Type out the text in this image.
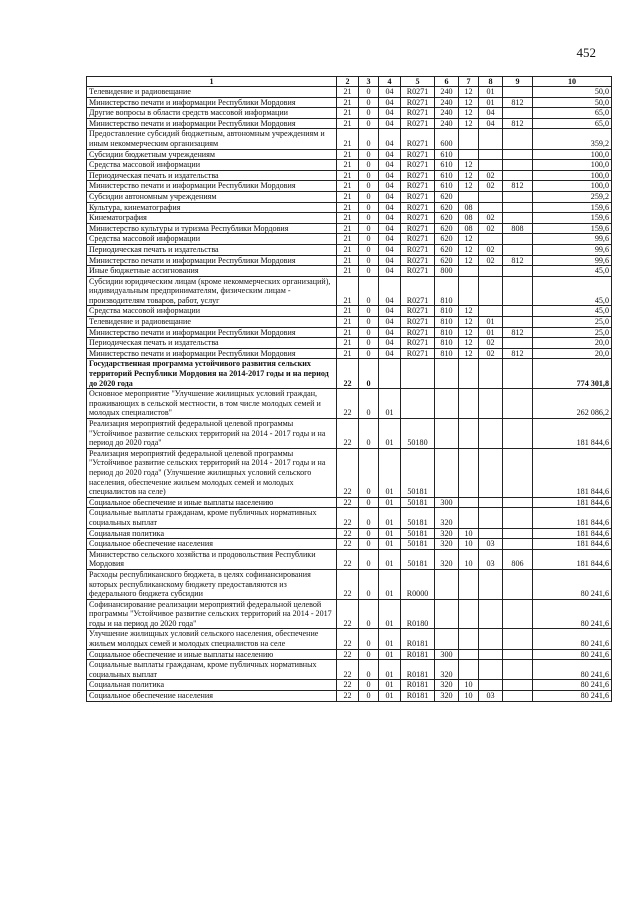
452
1	2	3	4	5	6	7	8	9	10
Телевидение и радиовещание	21	0	04	R0271	240	12	01		50,0
Министерство печати и информации Республики Мордовия	21	0	04	R0271	240	12	01	812	50,0
Другие вопросы в области средств массовой информации	21	0	04	R0271	240	12	04		65,0
Министерство печати и информации Республики Мордовия	21	0	04	R0271	240	12	04	812	65,0
Предоставление субсидий бюджетным, автономным учреждениям и иным некоммерческим организациям	21	0	04	R0271	600				359,2
Субсидии бюджетным учреждениям	21	0	04	R0271	610				100,0
Средства массовой информации	21	0	04	R0271	610	12			100,0
Периодическая печать и издательства	21	0	04	R0271	610	12	02		100,0
Министерство печати и информации Республики Мордовия	21	0	04	R0271	610	12	02	812	100,0
Субсидии автономным учреждениям	21	0	04	R0271	620				259,2
Культура, кинематография	21	0	04	R0271	620	08			159,6
Кинематография	21	0	04	R0271	620	08	02		159,6
Министерство культуры и туризма Республики Мордовия	21	0	04	R0271	620	08	02	808	159,6
Средства массовой информации	21	0	04	R0271	620	12			99,6
Периодическая печать и издательства	21	0	04	R0271	620	12	02		99,6
Министерство печати и информации Республики Мордовия	21	0	04	R0271	620	12	02	812	99,6
Иные бюджетные ассигнования	21	0	04	R0271	800				45,0
Субсидии юридическим лицам (кроме некоммерческих организаций), индивидуальным предпринимателям, физическим лицам - производителям товаров, работ, услуг	21	0	04	R0271	810				45,0
Средства массовой информации	21	0	04	R0271	810	12			45,0
Телевидение и радиовещание	21	0	04	R0271	810	12	01		25,0
Министерство печати и информации Республики Мордовия	21	0	04	R0271	810	12	01	812	25,0
Периодическая печать и издательства	21	0	04	R0271	810	12	02		20,0
Министерство печати и информации Республики Мордовия	21	0	04	R0271	810	12	02	812	20,0
Государственная программа устойчивого развития сельских территорий Республики Мордовия на 2014-2017 годы и на период до 2020 года	22	0							774 301,8
Основное мероприятие "Улучшение жилищных условий граждан, проживающих в сельской местности, в том числе молодых семей и молодых специалистов"	22	0	01						262 086,2
Реализация мероприятий федеральной целевой программы "Устойчивое развитие сельских территорий на 2014 - 2017 годы и на период до 2020 года"	22	0	01	50180					181 844,6
Реализация мероприятий федеральной целевой программы "Устойчивое развитие сельских территорий на 2014 - 2017 годы и на период до 2020 года" (Улучшение жилищных условий сельского населения, обеспечение жильем молодых семей и молодых специалистов на селе)	22	0	01	50181					181 844,6
Социальное обеспечение и иные выплаты населению	22	0	01	50181	300				181 844,6
Социальные выплаты гражданам, кроме публичных нормативных социальных выплат	22	0	01	50181	320				181 844,6
Социальная политика	22	0	01	50181	320	10			181 844,6
Социальное обеспечение населения	22	0	01	50181	320	10	03		181 844,6
Министерство сельского хозяйства и продовольствия Республики Мордовия	22	0	01	50181	320	10	03	806	181 844,6
Расходы республиканского бюджета, в целях софинансирования которых республиканскому бюджету предоставляются из федерального бюджета субсидии	22	0	01	R0000					80 241,6
Софинансирование реализации мероприятий федеральной целевой программы "Устойчивое развитие сельских территорий на 2014 - 2017 годы и на период до 2020 года"	22	0	01	R0180					80 241,6
Улучшение жилищных условий сельского населения, обеспечение жильем молодых семей и молодых специалистов на селе	22	0	01	R0181					80 241,6
Социальное обеспечение и иные выплаты населению	22	0	01	R0181	300				80 241,6
Социальные выплаты гражданам, кроме публичных нормативных социальных выплат	22	0	01	R0181	320				80 241,6
Социальная политика	22	0	01	R0181	320	10			80 241,6
Социальное обеспечение населения	22	0	01	R0181	320	10	03		80 241,6
